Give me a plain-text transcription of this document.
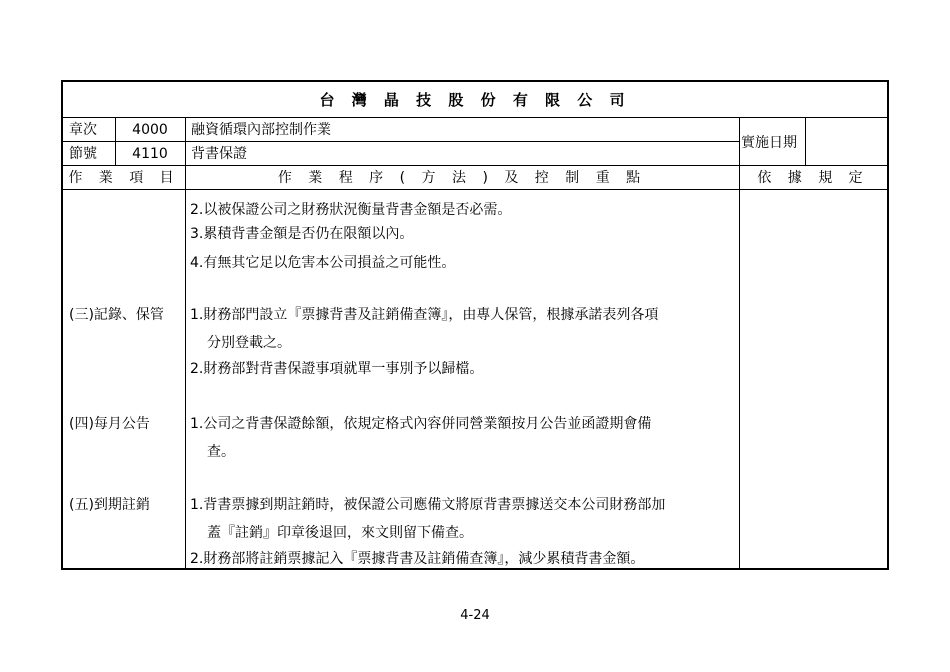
台 灣 晶 技 股 份 有 限 公 司
章次	4000	融資循環內部控制作業
節號	4110	背書保證
實施日期
作 業 項 目	作 業 程 序 ( 方 法 ) 及 控 制 重 點	依 據 規 定
2.以被保證公司之財務狀況衡量背書金額是否必需。
3.累積背書金額是否仍在限額以內。
4.有無其它足以危害本公司損益之可能性。
(三)記錄、保管 1.財務部門設立『票據背書及註銷備查簿』，由專人保管，根據承諾表列各項
分別登載之。
2.財務部對背書保證事項就單一事別予以歸檔。
(四)每月公告	1.公司之背書保證餘額，依規定格式內容併同營業額按月公告並函證期會備
查。
(五)到期註銷	1.背書票據到期註銷時，被保證公司應備文將原背書票據送交本公司財務部加
蓋『註銷』印章後退回，來文則留下備查。
2.財務部將註銷票據記入『票據背書及註銷備查簿』，減少累積背書金額。
4-24
